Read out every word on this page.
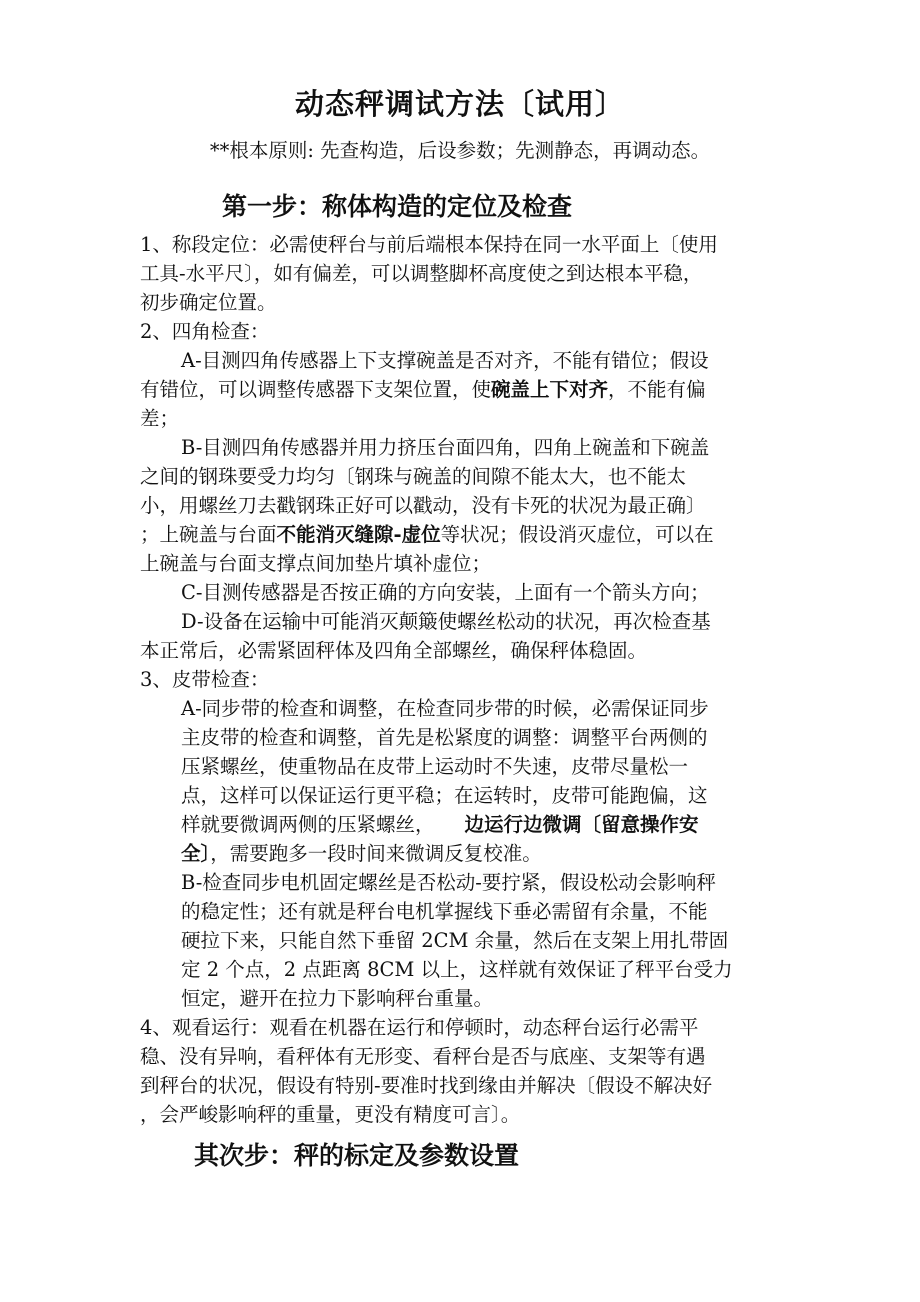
动态秤调试方法〔试用〕
**根本原则: 先查构造，后设参数；先测静态，再调动态。
第一步：称体构造的定位及检查
1、称段定位：必需使秤台与前后端根本保持在同一水平面上〔使用
工具-水平尺〕，如有偏差，可以调整脚杯高度使之到达根本平稳，
初步确定位置。
2、四角检查：
A-目测四角传感器上下支撑碗盖是否对齐，不能有错位；假设
有错位，可以调整传感器下支架位置，使碗盖上下对齐，不能有偏
差；
B-目测四角传感器并用力挤压台面四角，四角上碗盖和下碗盖
之间的钢珠要受力均匀〔钢珠与碗盖的间隙不能太大，也不能太
小，用螺丝刀去戳钢珠正好可以戳动，没有卡死的状况为最正确〕
；上碗盖与台面不能消灭缝隙-虚位等状况；假设消灭虚位，可以在
上碗盖与台面支撑点间加垫片填补虚位；
C-目测传感器是否按正确的方向安装，上面有一个箭头方向；
D-设备在运输中可能消灭颠簸使螺丝松动的状况，再次检查基
本正常后，必需紧固秤体及四角全部螺丝，确保秤体稳固。
3、皮带检查：
A-同步带的检查和调整，在检查同步带的时候，必需保证同步
主皮带的检查和调整，首先是松紧度的调整：调整平台两侧的
压紧螺丝，使重物品在皮带上运动时不失速，皮带尽量松一
点，这样可以保证运行更平稳；在运转时，皮带可能跑偏，这
样就要微调两侧的压紧螺丝， 边运行边微调〔留意操作安
全〕，需要跑多一段时间来微调反复校准。
B-检查同步电机固定螺丝是否松动-要拧紧，假设松动会影响秤
的稳定性；还有就是秤台电机掌握线下垂必需留有余量，不能
硬拉下来，只能自然下垂留 2CM 余量，然后在支架上用扎带固
定 2 个点，2 点距离 8CM 以上，这样就有效保证了秤平台受力
恒定，避开在拉力下影响秤台重量。
4、观看运行：观看在机器在运行和停顿时，动态秤台运行必需平
稳、没有异响，看秤体有无形变、看秤台是否与底座、支架等有遇
到秤台的状况，假设有特别-要准时找到缘由并解决〔假设不解决好
，会严峻影响秤的重量，更没有精度可言〕。
其次步：秤的标定及参数设置
